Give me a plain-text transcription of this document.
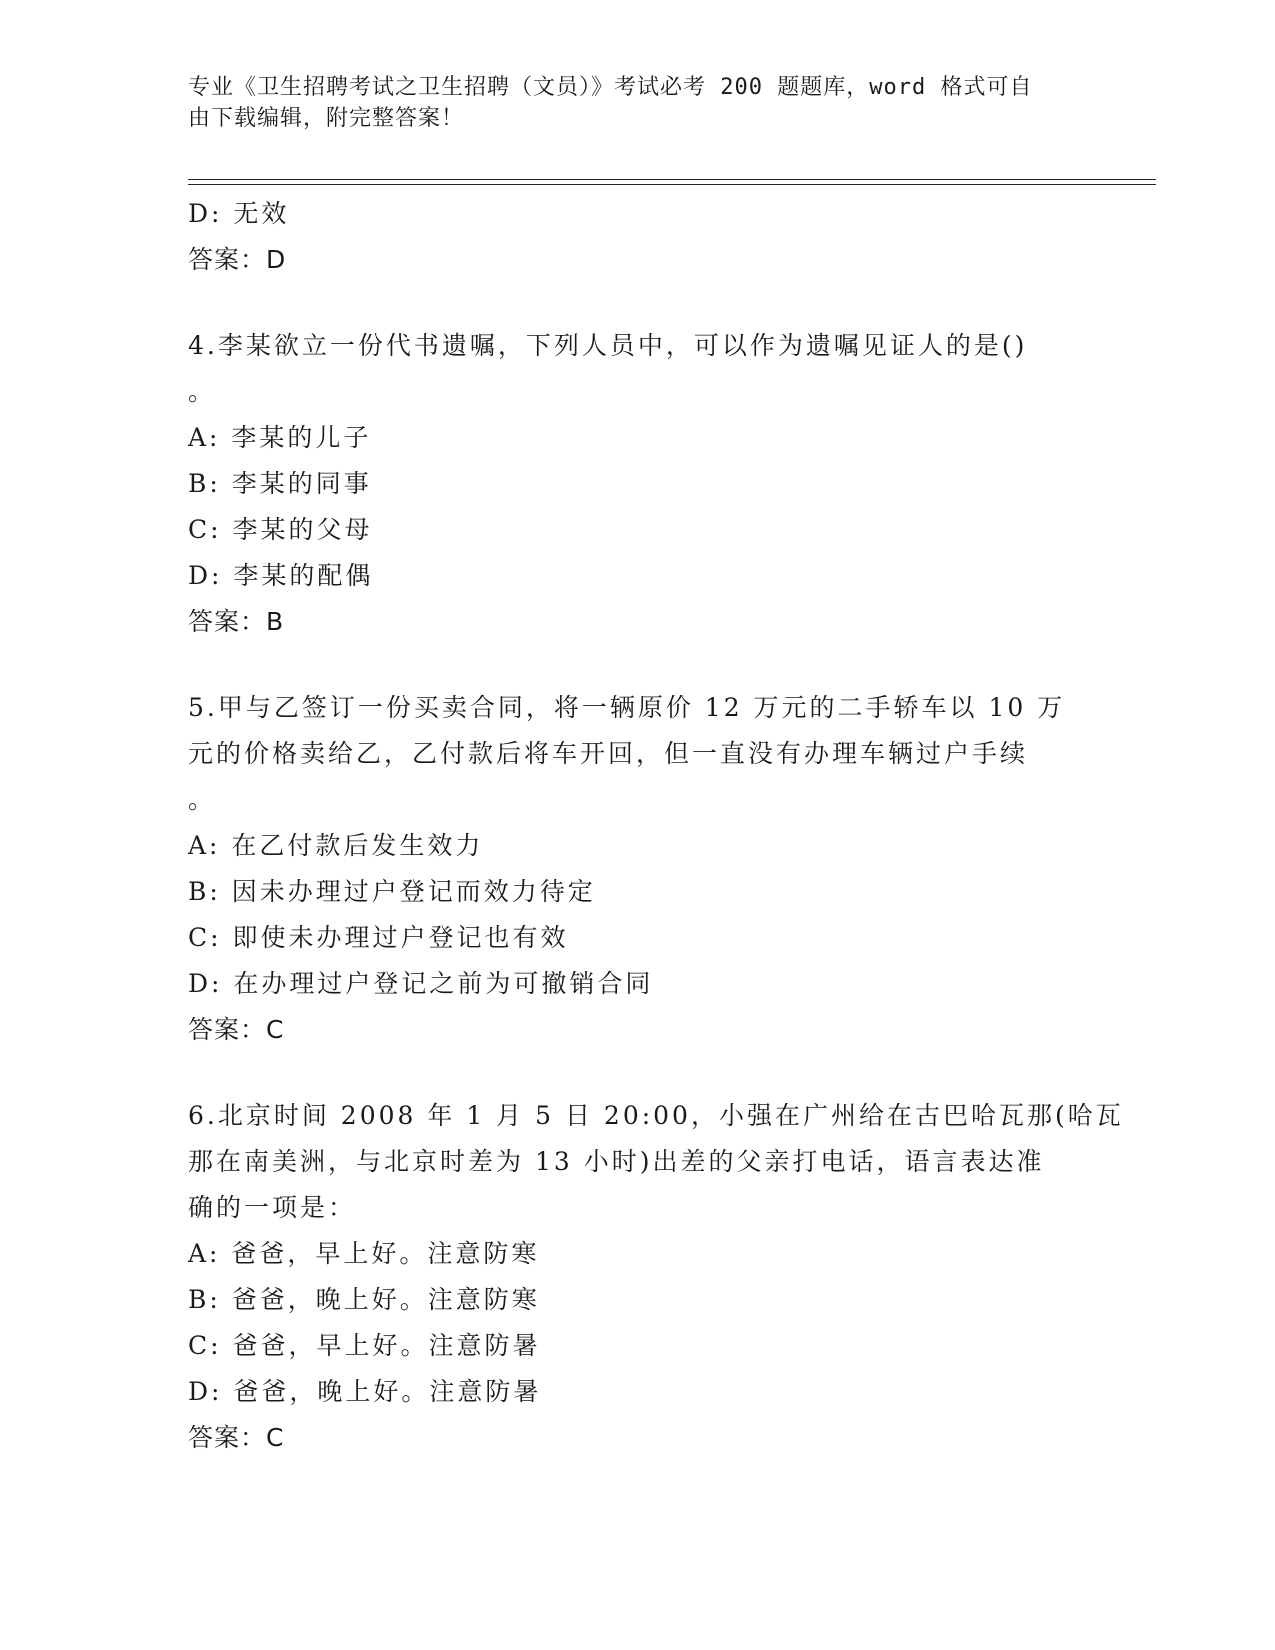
专业《卫生招聘考试之卫生招聘（文员）》考试必考 200 题题库，word 格式可自
由下载编辑，附完整答案！
D: 无效
答案：D
4.李某欲立一份代书遗嘱，下列人员中，可以作为遗嘱见证人的是()
。
A: 李某的儿子
B: 李某的同事
C: 李某的父母
D: 李某的配偶
答案：B
5.甲与乙签订一份买卖合同，将一辆原价 12 万元的二手轿车以 10 万
元的价格卖给乙，乙付款后将车开回，但一直没有办理车辆过户手续
。
A: 在乙付款后发生效力
B: 因未办理过户登记而效力待定
C: 即使未办理过户登记也有效
D: 在办理过户登记之前为可撤销合同
答案：C
6.北京时间 2008 年 1 月 5 日 20:00，小强在广州给在古巴哈瓦那(哈瓦
那在南美洲，与北京时差为 13 小时)出差的父亲打电话，语言表达准
确的一项是：
A: 爸爸，早上好。注意防寒
B: 爸爸，晚上好。注意防寒
C: 爸爸，早上好。注意防暑
D: 爸爸，晚上好。注意防暑
答案：C
